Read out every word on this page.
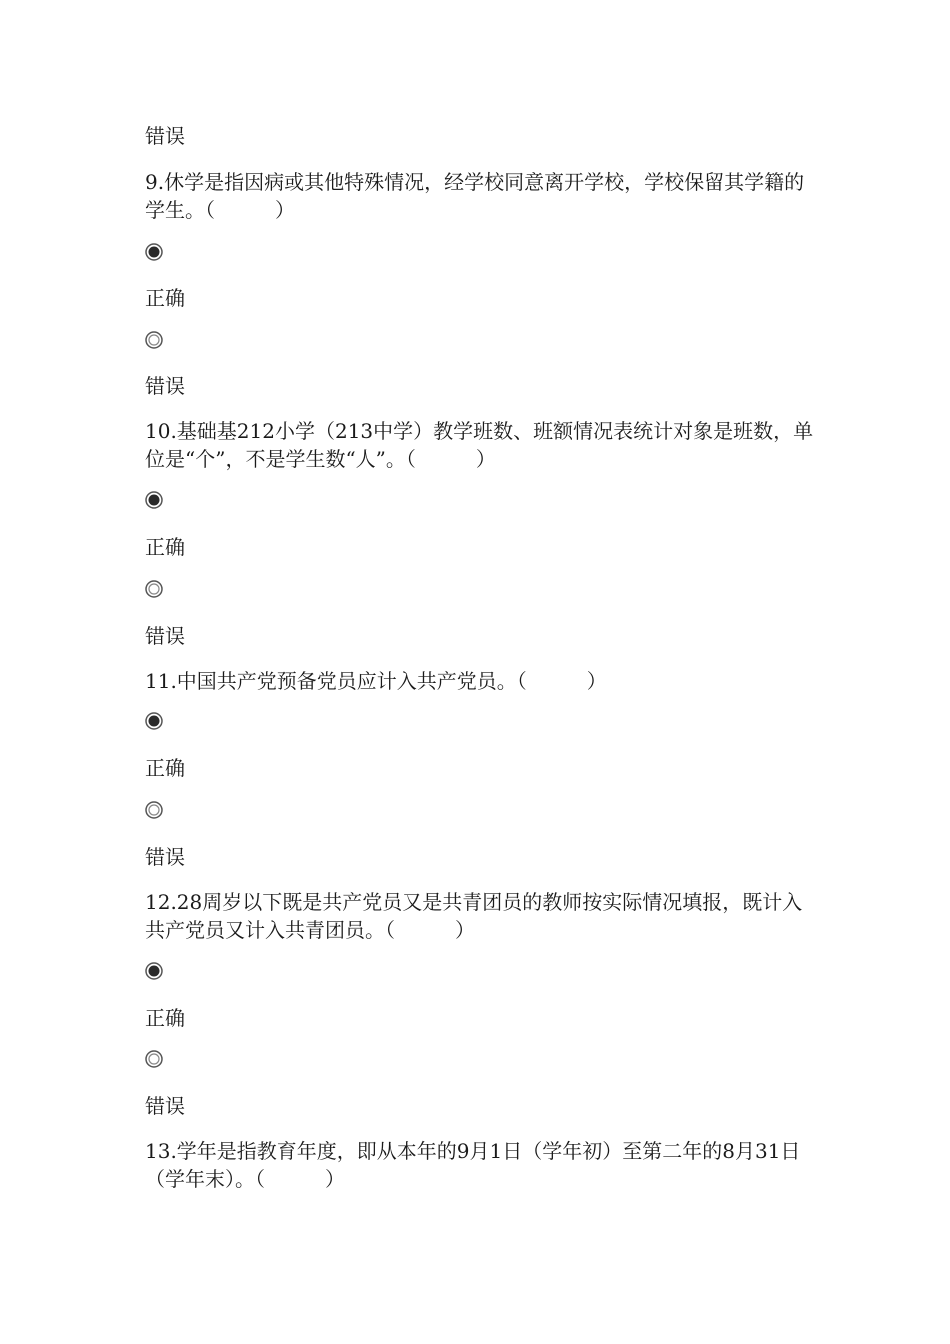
错误
9.休学是指因病或其他特殊情况，经学校同意离开学校，学校保留其学籍的学生。（　　　）
正确
错误
10.基础基212小学（213中学）教学班数、班额情况表统计对象是班数，单位是“个”，不是学生数“人”。（　　　）
正确
错误
11.中国共产党预备党员应计入共产党员。（　　　）
正确
错误
12.28周岁以下既是共产党员又是共青团员的教师按实际情况填报，既计入共产党员又计入共青团员。（　　　）
正确
错误
13.学年是指教育年度，即从本年的9月1日（学年初）至第二年的8月31日（学年末）。（　　　）
